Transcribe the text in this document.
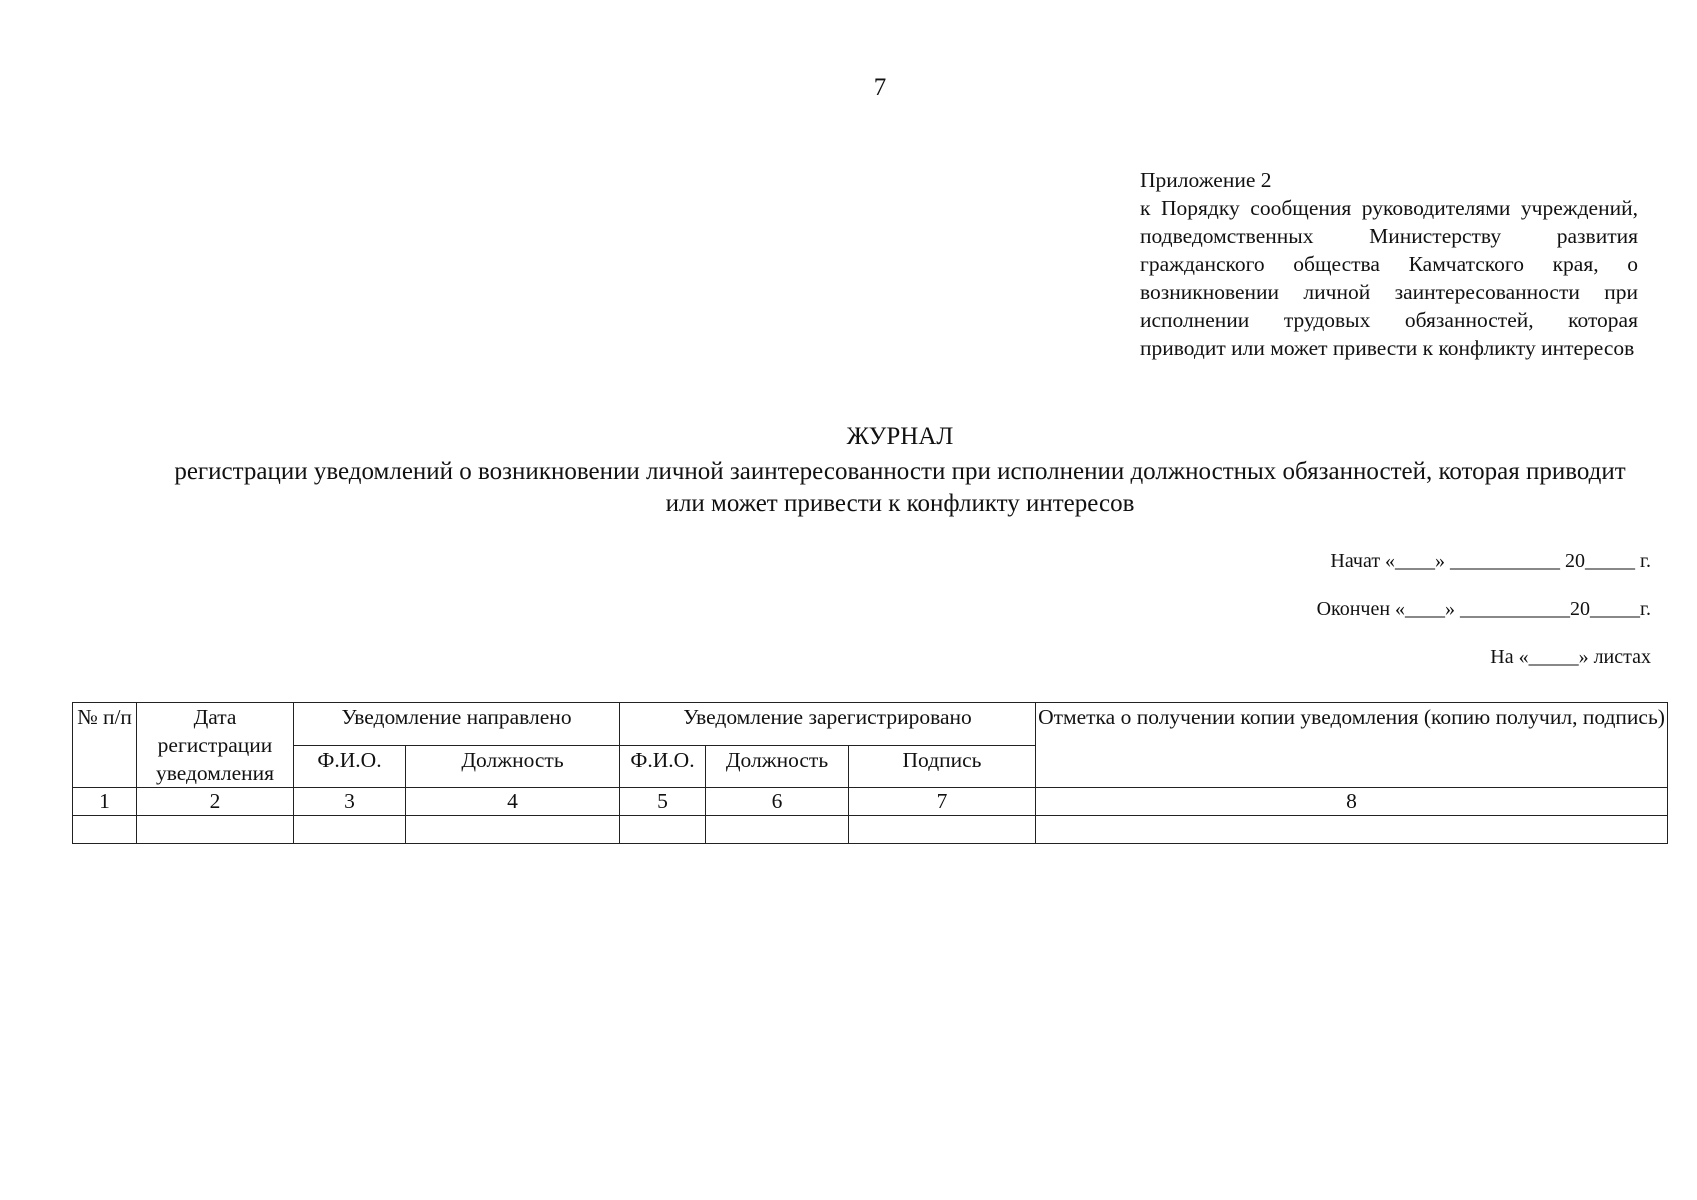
7
Приложение 2
к Порядку сообщения руководителями учреждений, подведомственных Министерству развития гражданского общества Камчатского края, о возникновении личной заинтересованности при исполнении трудовых обязанностей, которая приводит или может привести к конфликту интересов
ЖУРНАЛ
регистрации уведомлений о возникновении личной заинтересованности при исполнении должностных обязанностей, которая приводит или может привести к конфликту интересов
Начат «____» ___________ 20_____ г.
Окончен «____» ___________20_____г.
На «_____» листах
№ п/п	Дата регистрации уведомления	Уведомление направлено		Уведомление зарегистрировано			Отметка о получении копии уведомления (копию получил, подпись)
		Ф.И.О.	Должность	Ф.И.О.	Должность	Подпись	
1	2	3	4	5	6	7	8
